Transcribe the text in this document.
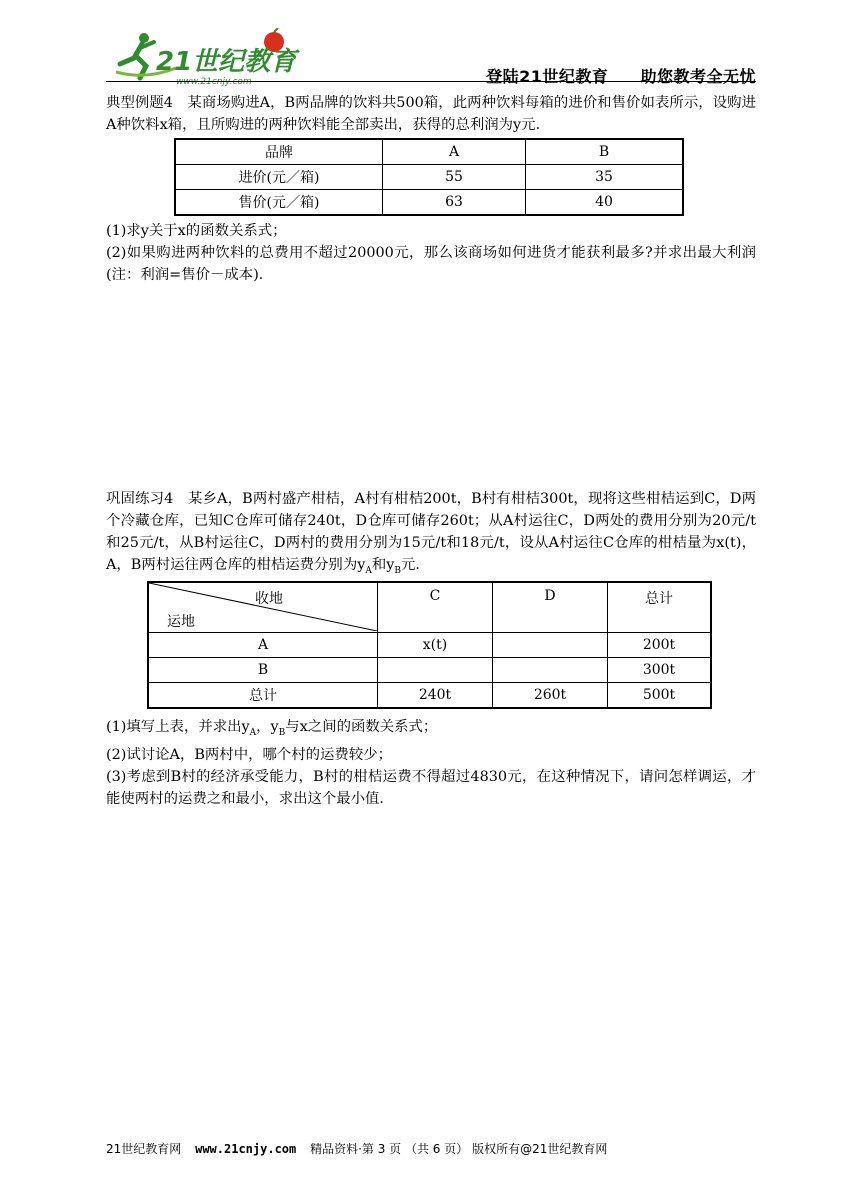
21世纪教育
www.21cnjy.com	登陆21世纪教育 助您教考全无忧

典型例题4　某商场购进A，B两品牌的饮料共500箱，此两种饮料每箱的进价和售价如表所示，设购进A种饮料x箱，且所购进的两种饮料能全部卖出，获得的总利润为y元．

品牌	A	B
进价(元／箱)	55	35
售价(元／箱)	63	40

(1)求y关于x的函数关系式；

(2)如果购进两种饮料的总费用不超过20000元，那么该商场如何进货才能获利最多?并求出最大利润(注：利润=售价－成本)．

巩固练习4　某乡A，B两村盛产柑桔，A村有柑桔200t，B村有柑桔300t，现将这些柑桔运到C，D两个冷藏仓库，已知C仓库可储存240t，D仓库可储存260t；从A村运往C，D两处的费用分别为20元/t和25元/t，从B村运往C，D两村的费用分别为15元/t和18元/t，设从A村运往C仓库的柑桔量为x(t)，A，B两村运往两仓库的柑桔运费分别为$y_A$和$y_B$元．

收地
运地	C	D	总计
A	x(t)		200t
B			300t
总计	240t	260t	500t

(1)填写上表，并求出$y_A$，$y_B$与x之间的函数关系式；

(2)试讨论A，B两村中，哪个村的运费较少；

(3)考虑到B村的经济承受能力，B村的柑桔运费不得超过4830元，在这种情况下，请问怎样调运，才能使两村的运费之和最小，求出这个最小值．

21世纪教育网 www.21cnjy.com 精品资料·第 3 页 （共 6 页） 版权所有@21世纪教育网
